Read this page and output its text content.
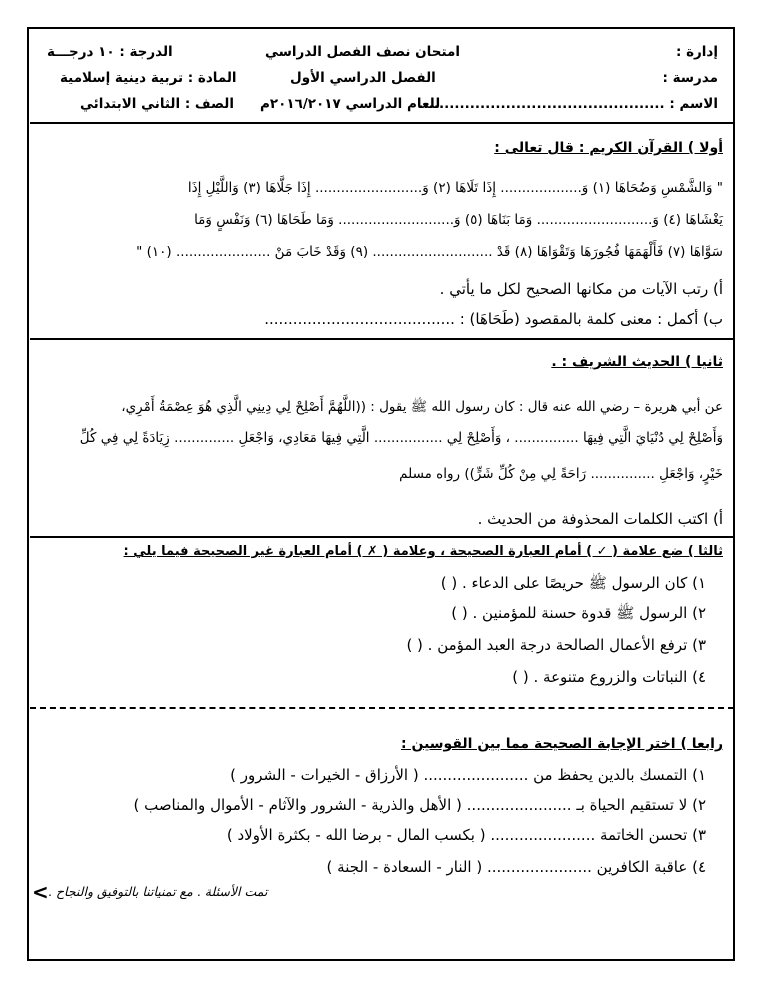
الدرجة : ١٠ درجـــة
المادة : تربية دينية إسلامية
الصف : الثاني الابتدائي
امتحان نصف الفصل الدراسي
الفصل الدراسي الأول
للعام الدراسي ٢٠١٦/٢٠١٧م
إدارة :
مدرسة :
الاسم : ................................................
أولا ) القرآن الكريم : قال تعالى :
" وَالشَّمْسِ وَضُحَاهَا (١) وَ................... إِذَا تَلَاهَا (٢) وَ......................... إِذَا جَلَّاهَا (٣) وَاللَّيْلِ إِذَا
يَغْشَاهَا (٤) وَ........................... وَمَا بَنَاهَا (٥) وَ........................... وَمَا طَحَاهَا (٦) وَنَفْسٍ وَمَا
سَوَّاهَا (٧) فَأَلْهَمَهَا فُجُورَهَا وَتَقْوَاهَا (٨) قَدْ ............................ (٩) وَقَدْ خَابَ مَنْ ...................... (١٠) "
أ) رتب الآيات من مكانها الصحيح لكل ما يأتي .
ب) أكمل : معنى كلمة بالمقصود (طَحَاهَا) : ........................................
ثانيا ) الحديث الشريف : .
عن أبي هريرة – رضي الله عنه قال : كان رسول الله ﷺ يقول : ((اللَّهُمَّ أَصْلِحْ لِي دِينِي الَّذِي هُوَ عِصْمَةُ أَمْرِي،
وَأَصْلِحْ لِي دُنْيَايَ الَّتِي فِيهَا ............... ، وَأَصْلِحْ لِي ................ الَّتِي فِيهَا مَعَادِي، وَاجْعَلِ .............. زِيَادَةً لِي فِي كُلِّ
خَيْرٍ، وَاجْعَلِ ............... رَاحَةً لِي مِنْ كُلِّ شَرٍّ)) رواه مسلم
أ) اكتب الكلمات المحذوفة من الحديث .
ثالثا ) ضع علامة ( ✓ ) أمام العبارة الصحيحة ، وعلامة ( ✗ ) أمام العبارة غير الصحيحة فيما يلي :
١) كان الرسول ﷺ حريصًا على الدعاء . ( )
٢) الرسول ﷺ قدوة حسنة للمؤمنين . ( )
٣) ترفع الأعمال الصالحة درجة العبد المؤمن . ( )
٤) النباتات والزروع متنوعة . ( )
رابعا ) اختر الإجابة الصحيحة مما بين القوسين :
١) التمسك بالدين يحفظ من ...................... ( الأرزاق - الخيرات - الشرور )
٢) لا تستقيم الحياة بـ ...................... ( الأهل والذرية - الشرور والآثام - الأموال والمناصب )
٣) تحسن الخاتمة ...................... ( بكسب المال - برضا الله - بكثرة الأولاد )
٤) عاقبة الكافرين ...................... ( النار - السعادة - الجنة )
تمت الأسئلة . مع تمنياتنا بالتوفيق والنجاح .
>
